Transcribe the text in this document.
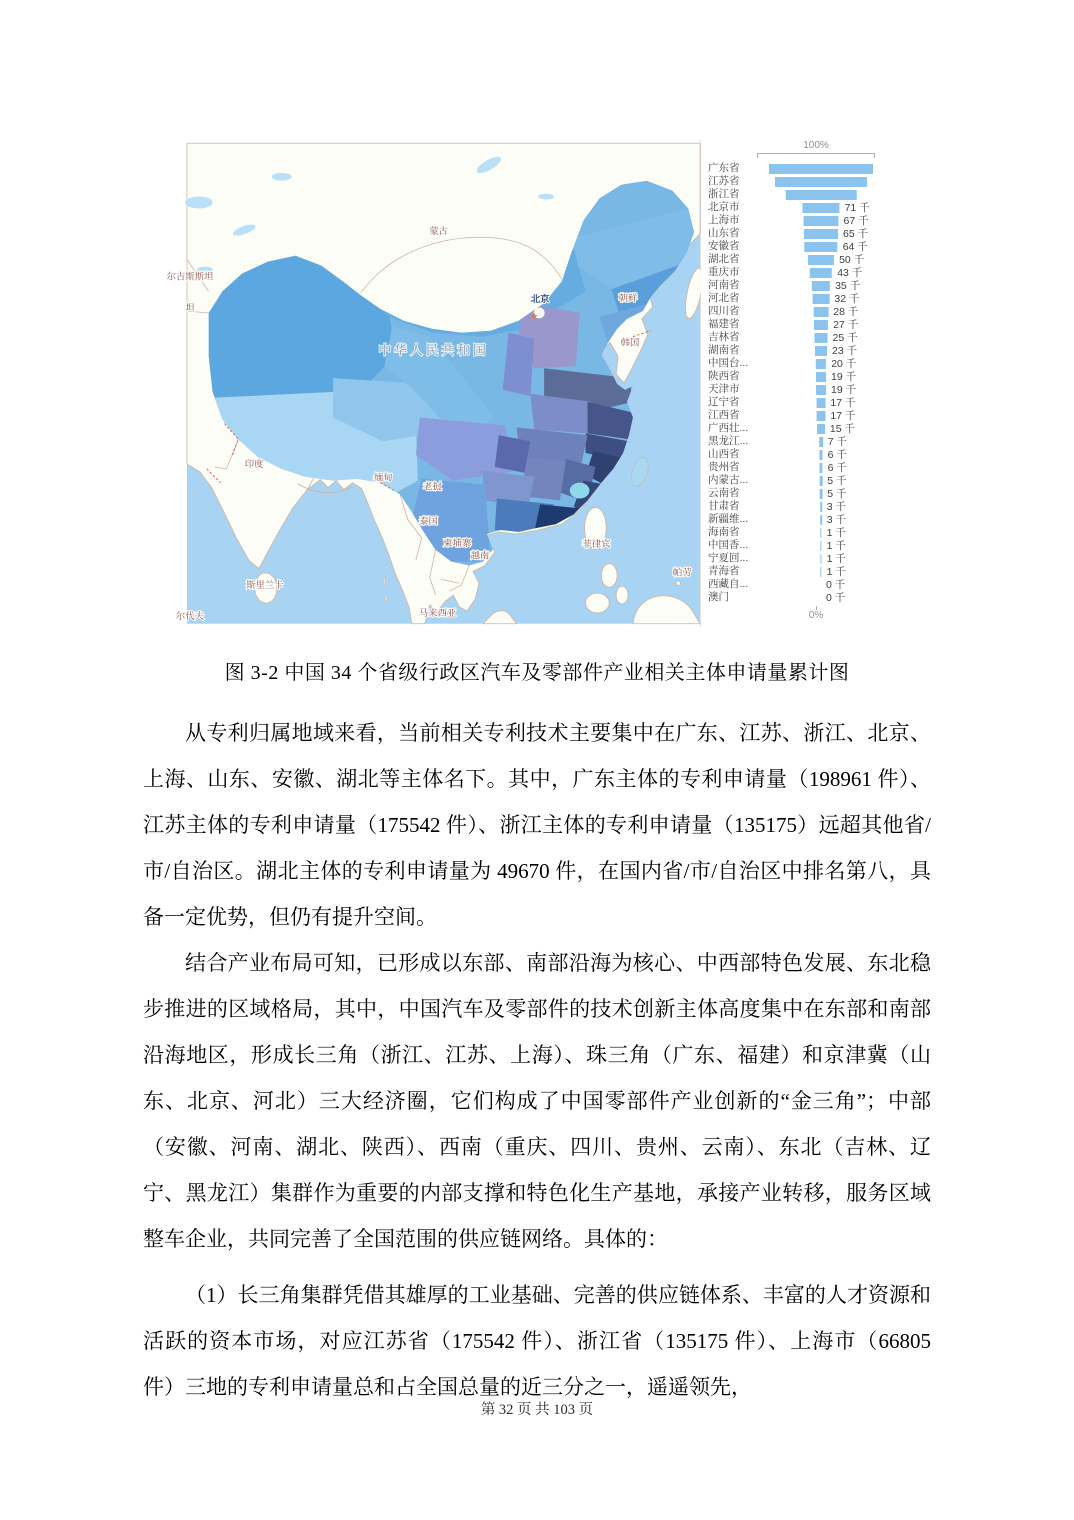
蒙古
尔吉斯斯坦
坦
朝鲜
韩国
印度
缅甸
老挝
泰国
柬埔寨
越南
菲律宾
帕劳
斯里兰卡
马来西亚
尔代夫
中华人民共和国
北京
★
100%
广东省
江苏省
浙江省
北京市	71 千
上海市	67 千
山东省	65 千
安徽省	64 千
湖北省	50 千
重庆市	43 千
河南省	35 千
河北省	32 千
四川省	28 千
福建省	27 千
吉林省	25 千
湖南省	23 千
中国台...	20 千
陕西省	19 千
天津市	19 千
辽宁省	17 千
江西省	17 千
广西壮...	15 千
黑龙江...	7 千
山西省	6 千
贵州省	6 千
内蒙古...	5 千
云南省	5 千
甘肃省	3 千
新疆维...	3 千
海南省	1 千
中国香...	1 千
宁夏回...	1 千
青海省	1 千
西藏自...	0 千
澳门	0 千
0%
图 3-2 中国 34 个省级行政区汽车及零部件产业相关主体申请量累计图

从专利归属地域来看，当前相关专利技术主要集中在广东、江苏、浙江、北京、上海、山东、安徽、湖北等主体名下。其中，广东主体的专利申请量（198961 件）、江苏主体的专利申请量（175542 件）、浙江主体的专利申请量（135175）远超其他省/市/自治区。湖北主体的专利申请量为 49670 件，在国内省/市/自治区中排名第八，具备一定优势，但仍有提升空间。

结合产业布局可知，已形成以东部、南部沿海为核心、中西部特色发展、东北稳步推进的区域格局，其中，中国汽车及零部件的技术创新主体高度集中在东部和南部沿海地区，形成长三角（浙江、江苏、上海）、珠三角（广东、福建）和京津冀（山东、北京、河北）三大经济圈，它们构成了中国零部件产业创新的“金三角”；中部（安徽、河南、湖北、陕西）、西南（重庆、四川、贵州、云南）、东北（吉林、辽宁、黑龙江）集群作为重要的内部支撑和特色化生产基地，承接产业转移，服务区域整车企业，共同完善了全国范围的供应链网络。具体的：

（1）长三角集群凭借其雄厚的工业基础、完善的供应链体系、丰富的人才资源和活跃的资本市场，对应江苏省（175542 件）、浙江省（135175 件）、上海市（66805 件）三地的专利申请量总和占全国总量的近三分之一，遥遥领先，

第 32 页 共 103 页
